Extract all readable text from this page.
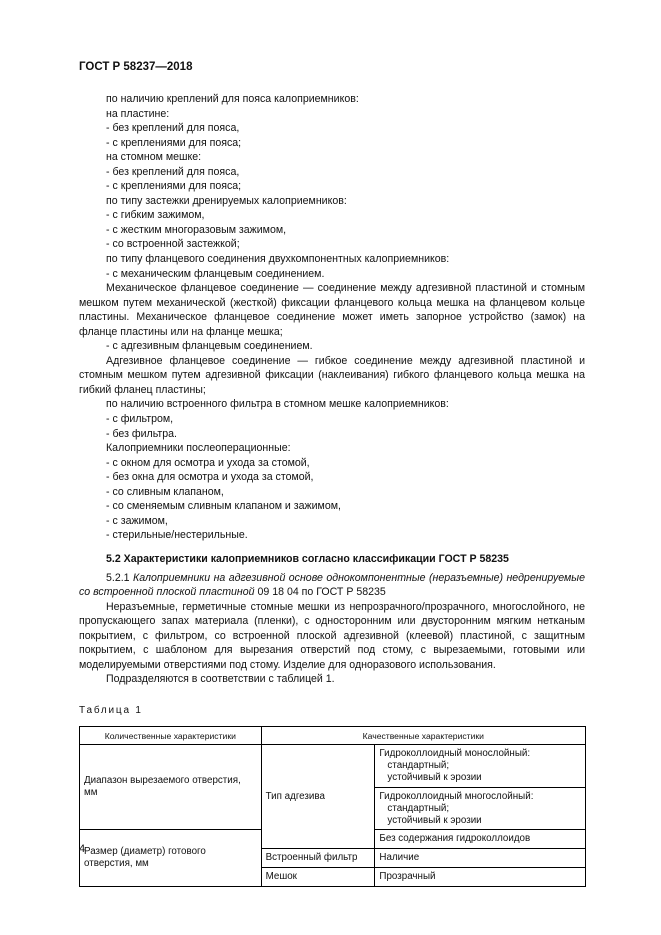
ГОСТ Р 58237—2018

по наличию креплений для пояса калоприемников:

на пластине:

- без креплений для пояса,

- с креплениями для пояса;

на стомном мешке:

- без креплений для пояса,

- с креплениями для пояса;

по типу застежки дренируемых калоприемников:

- с гибким зажимом,

- с жестким многоразовым зажимом,

- со встроенной застежкой;

по типу фланцевого соединения двухкомпонентных калоприемников:

- с механическим фланцевым соединением.

Механическое фланцевое соединение — соединение между адгезивной пластиной и стомным мешком путем механической (жесткой) фиксации фланцевого кольца мешка на фланцевом кольце пластины. Механическое фланцевое соединение может иметь запорное устройство (замок) на фланце пластины или на фланце мешка;

- с адгезивным фланцевым соединением.

Адгезивное фланцевое соединение — гибкое соединение между адгезивной пластиной и стомным мешком путем адгезивной фиксации (наклеивания) гибкого фланцевого кольца мешка на гибкий фланец пластины;

по наличию встроенного фильтра в стомном мешке калоприемников:

- с фильтром,

- без фильтра.

Калоприемники послеоперационные:

- с окном для осмотра и ухода за стомой,

- без окна для осмотра и ухода за стомой,

- со сливным клапаном,

- со сменяемым сливным клапаном и зажимом,

- с зажимом,

- стерильные/нестерильные.

5.2 Характеристики калоприемников согласно классификации ГОСТ Р 58235

5.2.1 Калоприемники на адгезивной основе однокомпонентные (неразъемные) недренируемые со встроенной плоской пластиной 09 18 04 по ГОСТ Р 58235

Неразъемные, герметичные стомные мешки из непрозрачного/прозрачного, многослойного, не пропускающего запах материала (пленки), с односторонним или двусторонним мягким нетканым покрытием, с фильтром, со встроенной плоской адгезивной (клеевой) пластиной, с защитным покрытием, с шаблоном для вырезания отверстий под стому, с вырезаемыми, готовыми или моделируемыми отверстиями под стому. Изделие для одноразового использования.

Подразделяются в соответствии с таблицей 1.

Таблица 1

Количественные характеристики	Качественные характеристики	
Диапазон вырезаемого отверстия, мм	Тип адгезива	Гидроколлоидный монослойный:
стандартный;
устойчивый к эрозии

		Гидроколлоидный многослойный:
стандартный;
устойчивый к эрозии

Размер (диаметр) готового отверстия, мм		Без содержания гидроколлоидов
	Встроенный фильтр	Наличие
	Мешок	Прозрачный
4
